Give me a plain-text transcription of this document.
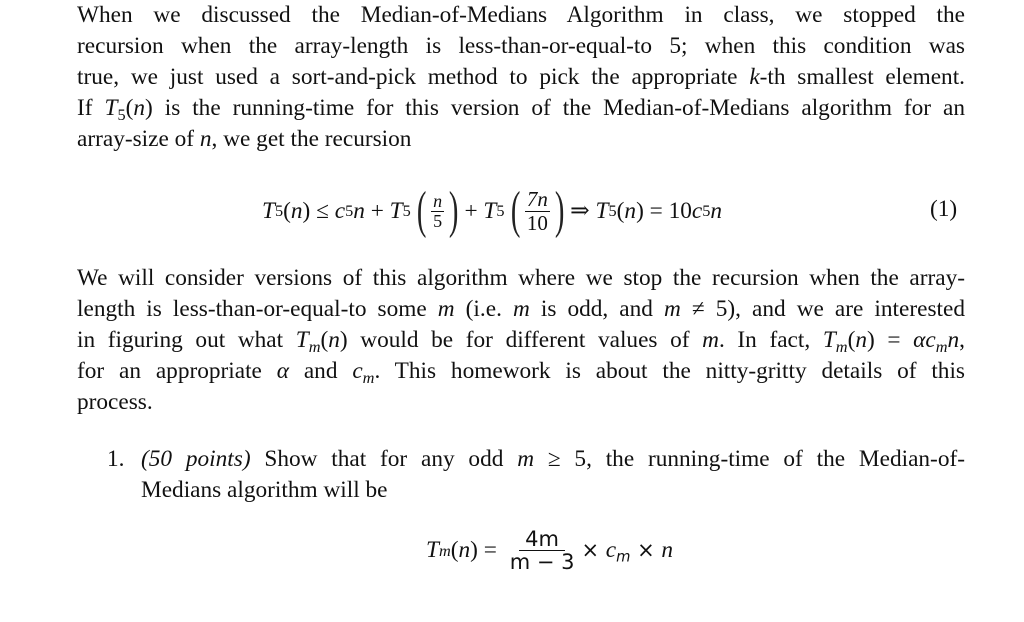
When we discussed the Median-of-Medians Algorithm in class, we stopped the
recursion when the array-length is less-than-or-equal-to 5; when this condition was
true, we just used a sort-and-pick method to pick the appropriate k-th smallest element.
If $T_5(n)$ is the running-time for this version of the Median-of-Medians algorithm for an
array-size of n, we get the recursion
T 5 ( n ) ≤ c 5 n + T 5 ( $\frac{n}{5}$ ) + T 5 ( $\frac{7n}{10}$ ) ⇒ T 5 ( n ) = 10 c 5 n	(1)
We will consider versions of this algorithm where we stop the recursion when the array-
length is less-than-or-equal-to some m (i.e. m is odd, and m ≠ 5), and we are interested
in figuring out what $T_m(n)$ would be for different values of m. In fact, $T_m(n) = \alpha c_mn$,
for an appropriate α and $c_m$. This homework is about the nitty-gritty details of this
process.
1. (50 points) Show that for any odd m ≥ 5, the running-time of the Median-of-
Medians algorithm will be
T m ( n ) = $\frac{4m}{m - 3} \times c_m \times n$
